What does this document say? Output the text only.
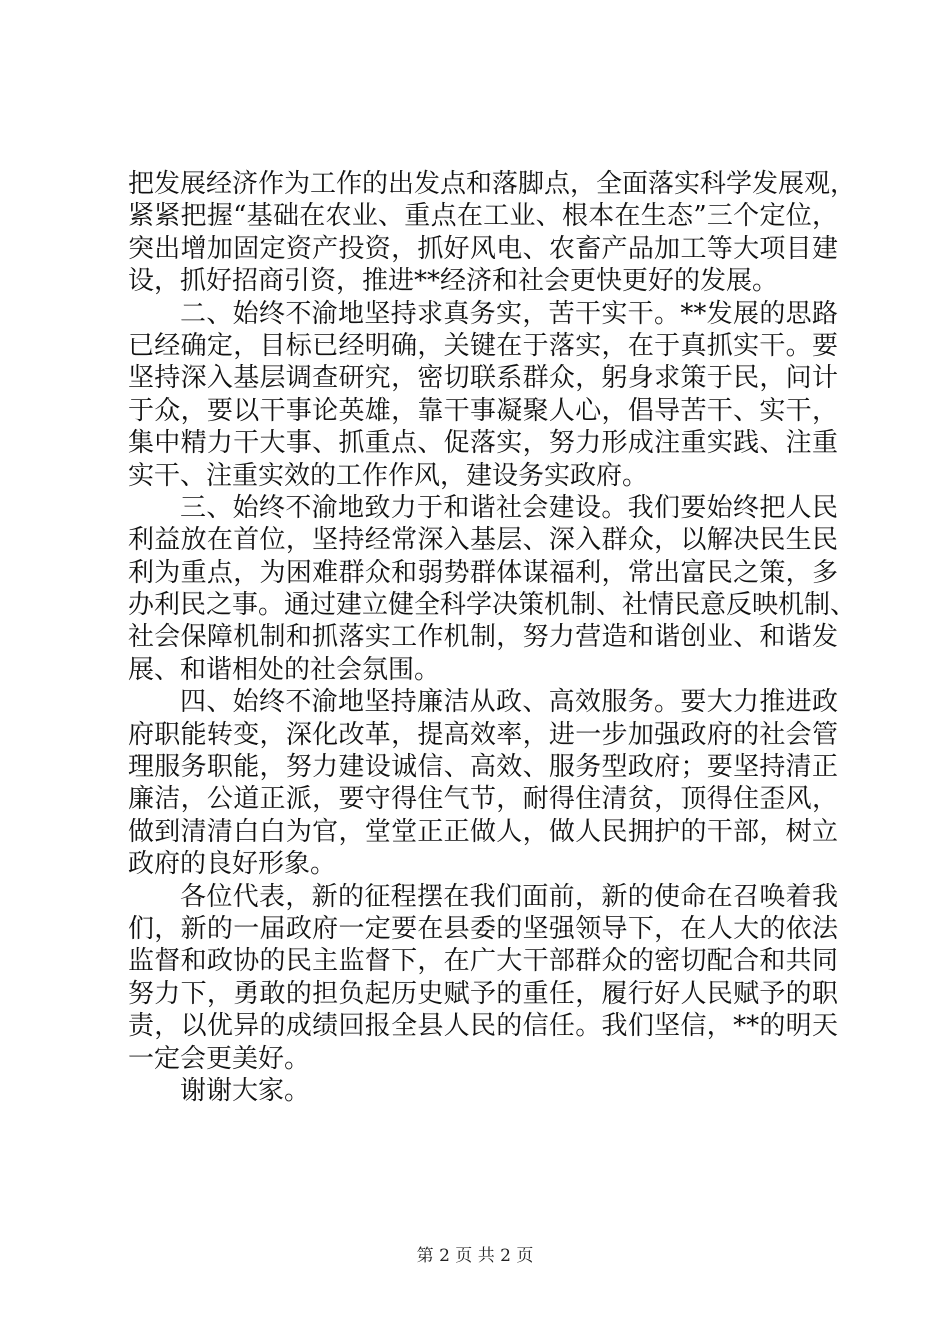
把发展经济作为工作的出发点和落脚点，全面落实科学发展观，
紧紧把握“基础在农业、重点在工业、根本在生态”三个定位，
突出增加固定资产投资，抓好风电、农畜产品加工等大项目建
设，抓好招商引资，推进**经济和社会更快更好的发展。
二、始终不渝地坚持求真务实，苦干实干。**发展的思路
已经确定，目标已经明确，关键在于落实，在于真抓实干。要
坚持深入基层调查研究，密切联系群众，躬身求策于民，问计
于众，要以干事论英雄，靠干事凝聚人心，倡导苦干、实干，
集中精力干大事、抓重点、促落实，努力形成注重实践、注重
实干、注重实效的工作作风，建设务实政府。
三、始终不渝地致力于和谐社会建设。我们要始终把人民
利益放在首位，坚持经常深入基层、深入群众，以解决民生民
利为重点，为困难群众和弱势群体谋福利，常出富民之策，多
办利民之事。通过建立健全科学决策机制、社情民意反映机制、
社会保障机制和抓落实工作机制，努力营造和谐创业、和谐发
展、和谐相处的社会氛围。
四、始终不渝地坚持廉洁从政、高效服务。要大力推进政
府职能转变，深化改革，提高效率，进一步加强政府的社会管
理服务职能，努力建设诚信、高效、服务型政府；要坚持清正
廉洁，公道正派，要守得住气节，耐得住清贫，顶得住歪风，
做到清清白白为官，堂堂正正做人，做人民拥护的干部，树立
政府的良好形象。
各位代表，新的征程摆在我们面前，新的使命在召唤着我
们，新的一届政府一定要在县委的坚强领导下，在人大的依法
监督和政协的民主监督下，在广大干部群众的密切配合和共同
努力下，勇敢的担负起历史赋予的重任，履行好人民赋予的职
责，以优异的成绩回报全县人民的信任。我们坚信，**的明天
一定会更美好。
谢谢大家。
第 2 页 共 2 页
